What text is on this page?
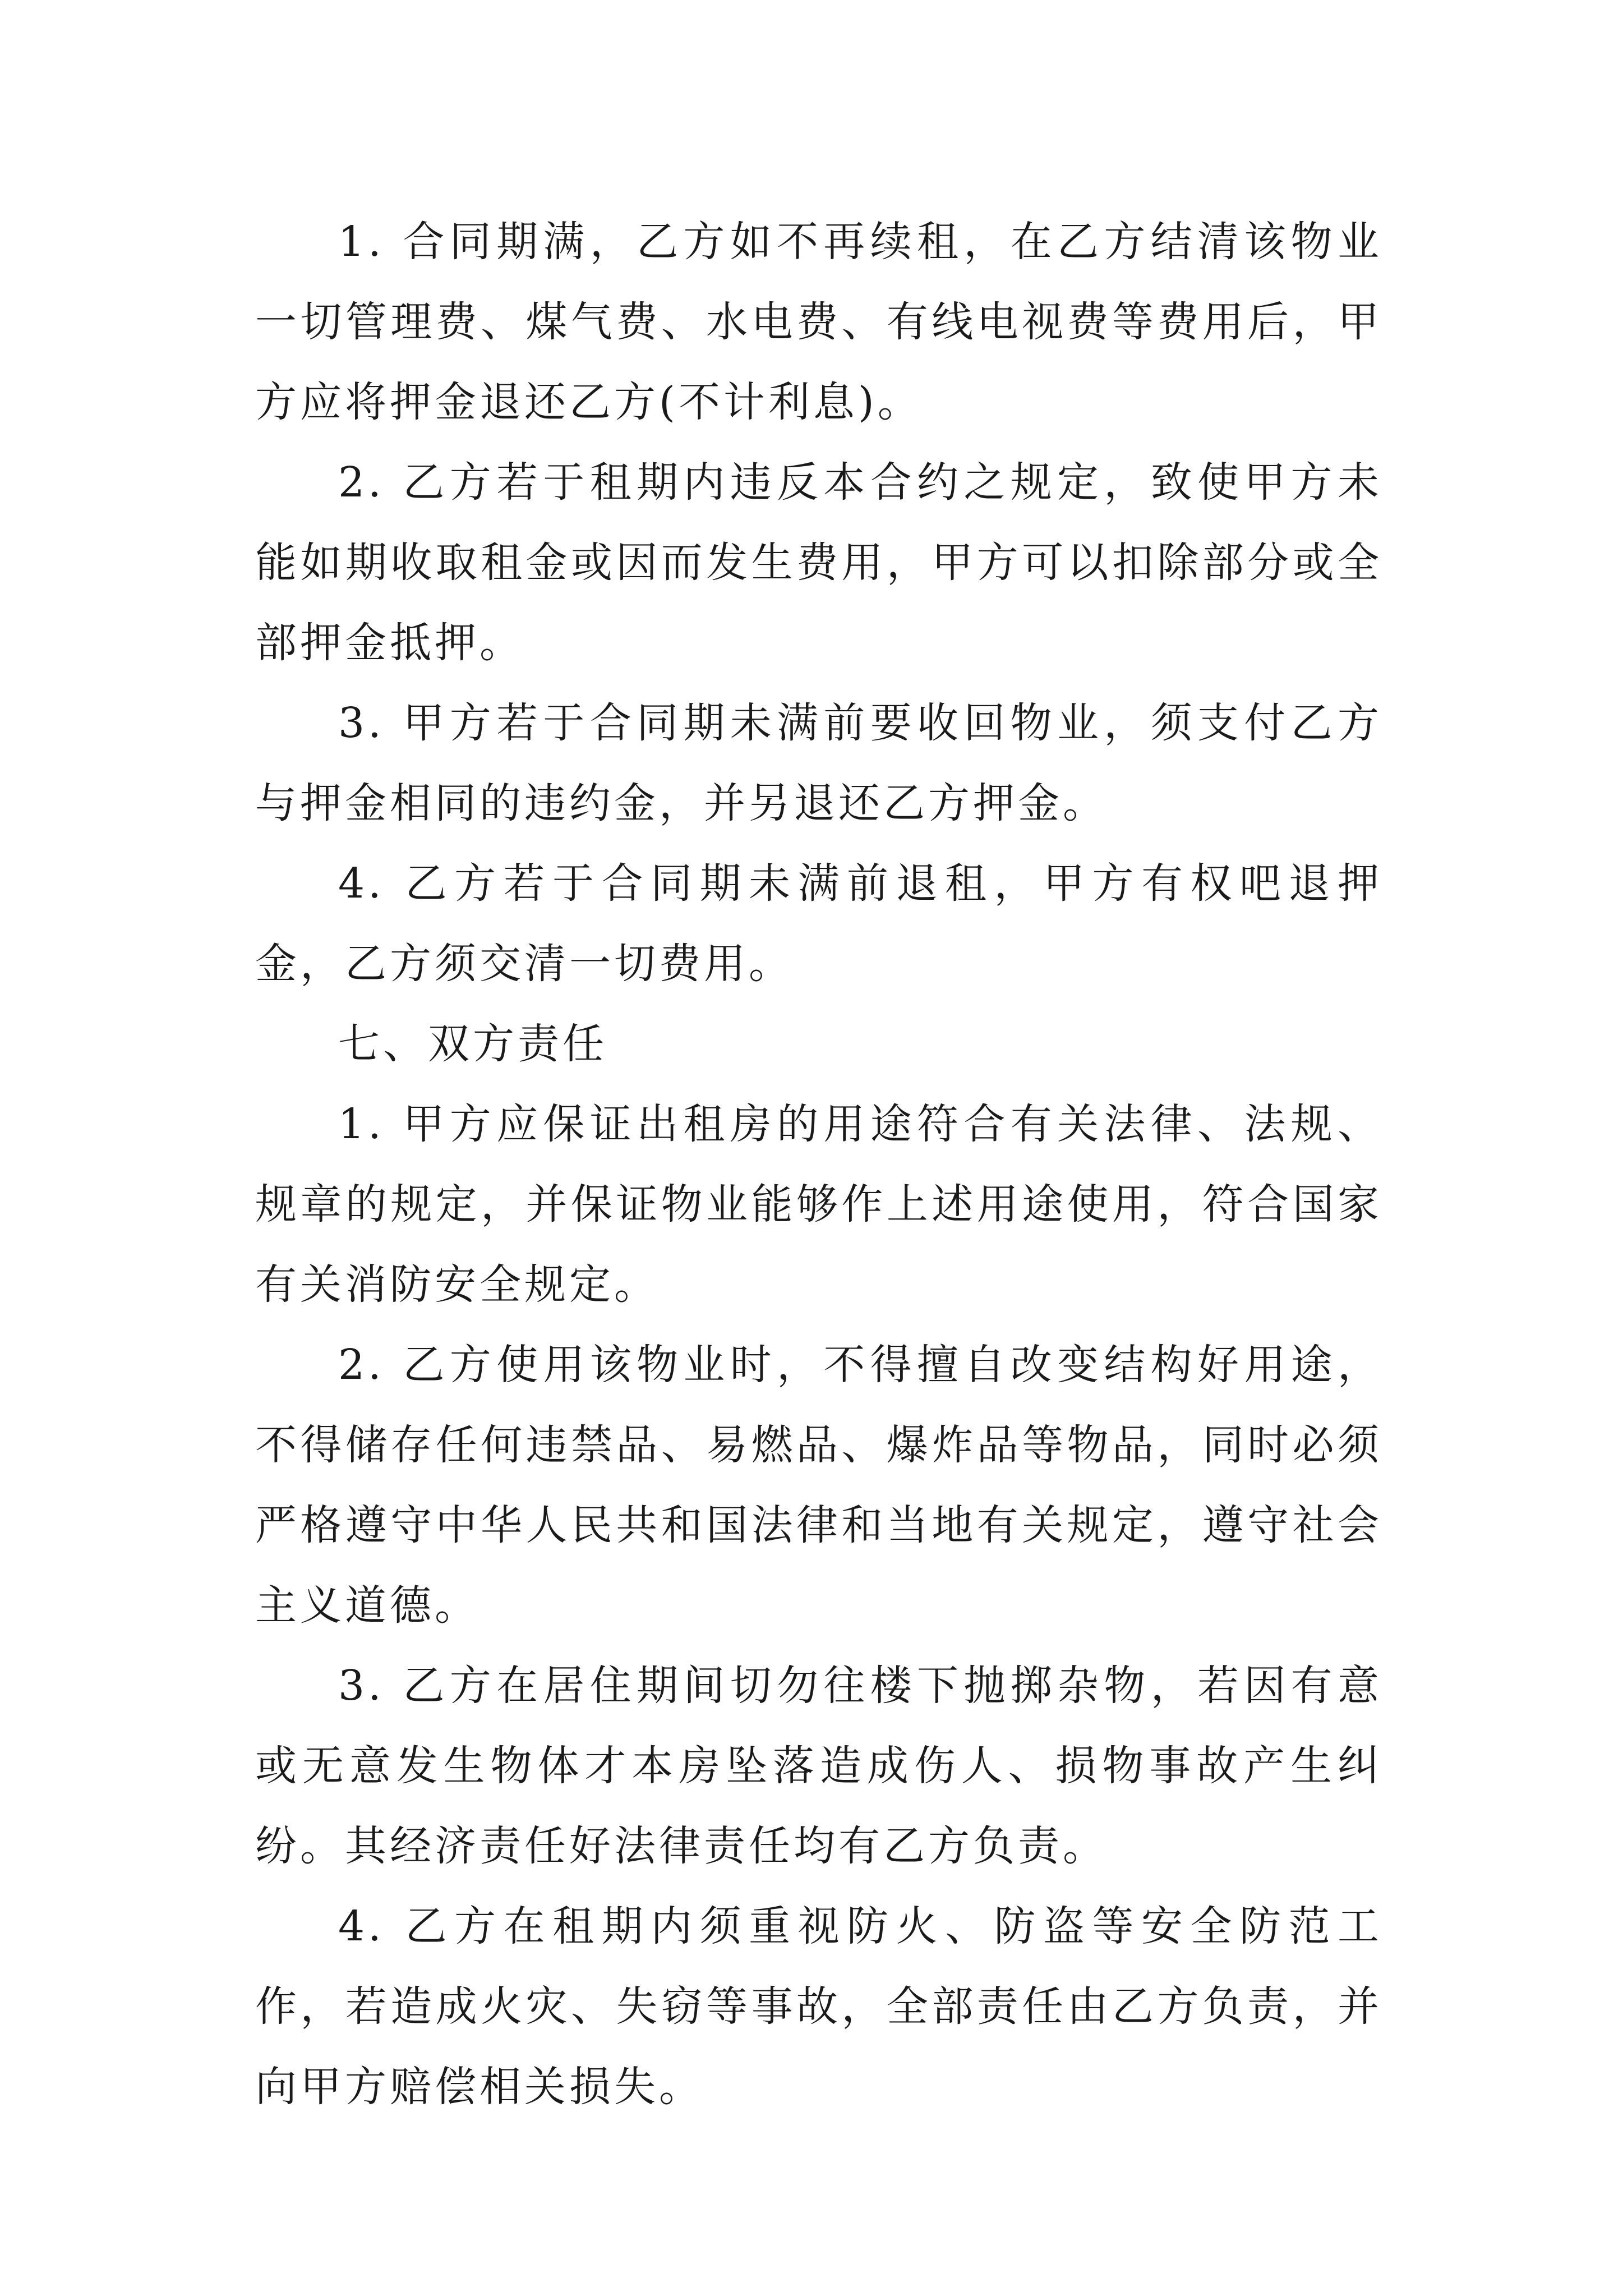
1. 合同期满，乙方如不再续租，在乙方结清该物业一切管理费、煤气费、水电费、有线电视费等费用后，甲方应将押金退还乙方(不计利息)。

2. 乙方若于租期内违反本合约之规定，致使甲方未能如期收取租金或因而发生费用，甲方可以扣除部分或全部押金抵押。

3. 甲方若于合同期未满前要收回物业，须支付乙方与押金相同的违约金，并另退还乙方押金。

4. 乙方若于合同期未满前退租，甲方有权吧退押金，乙方须交清一切费用。

七、双方责任

1. 甲方应保证出租房的用途符合有关法律、法规、规章的规定，并保证物业能够作上述用途使用，符合国家有关消防安全规定。

2. 乙方使用该物业时，不得擅自改变结构好用途，不得储存任何违禁品、易燃品、爆炸品等物品，同时必须严格遵守中华人民共和国法律和当地有关规定，遵守社会主义道德。

3. 乙方在居住期间切勿往楼下抛掷杂物，若因有意或无意发生物体才本房坠落造成伤人、损物事故产生纠纷。其经济责任好法律责任均有乙方负责。

4. 乙方在租期内须重视防火、防盗等安全防范工作，若造成火灾、失窃等事故，全部责任由乙方负责，并向甲方赔偿相关损失。
